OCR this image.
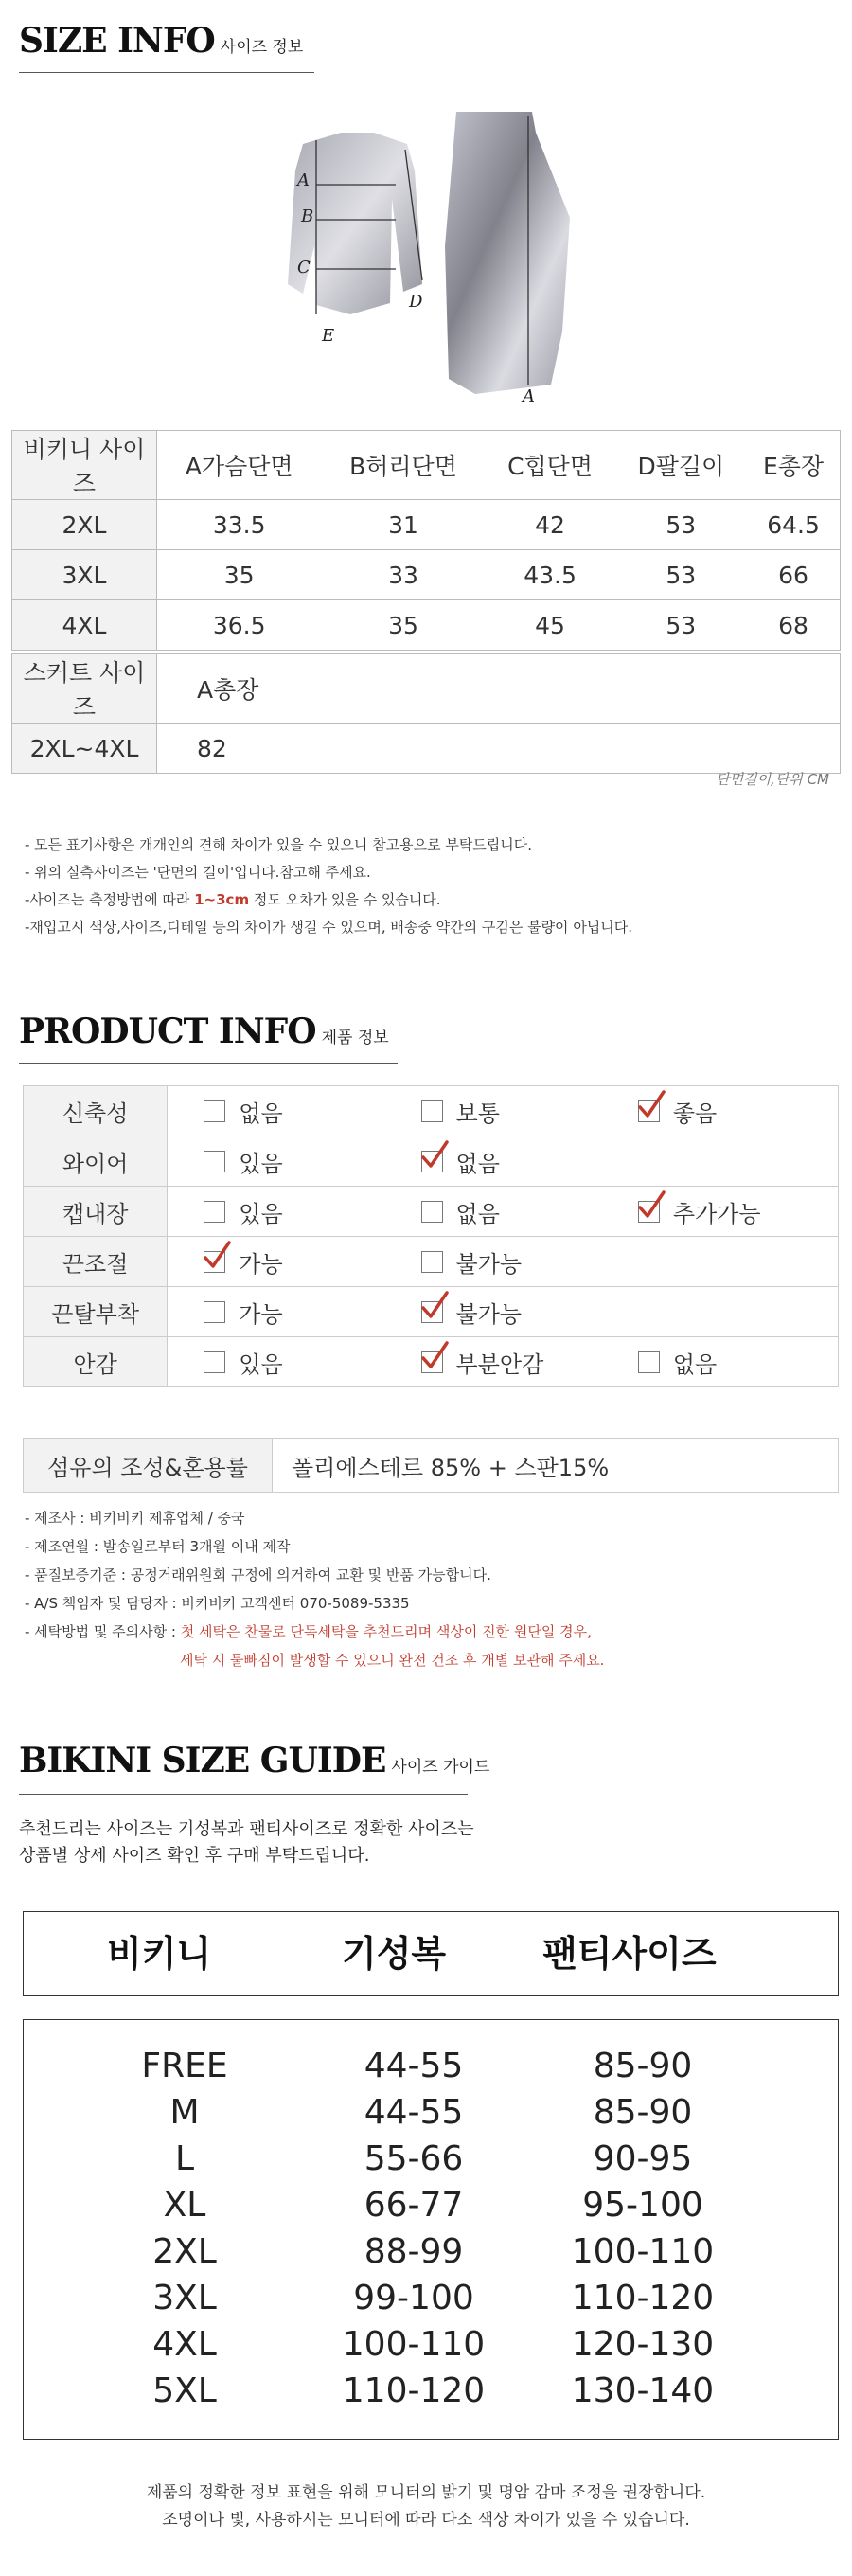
SIZE INFO 사이즈 정보
A
B
C
D
E
A
비키니 사이즈	A가슴단면	B허리단면	C힙단면	D팔길이	E총장
2XL	33.5	31	42	53	64.5
3XL	35	33	43.5	53	66
4XL	36.5	35	45	53	68
스커트 사이즈	A총장
2XL~4XL	82
단면길이,단위 CM
- 모든 표기사항은 개개인의 견해 차이가 있을 수 있으니 참고용으로 부탁드립니다.
- 위의 실측사이즈는 '단면의 길이'입니다.참고해 주세요.
-사이즈는 측정방법에 따라 1~3cm 정도 오차가 있을 수 있습니다.
-재입고시 색상,사이즈,디테일 등의 차이가 생길 수 있으며, 배송중 약간의 구김은 불량이 아닙니다.
PRODUCT INFO 제품 정보
신축성	없음	보통	좋음

와이어	있음	없음	

캡내장	있음	없음	추가가능

끈조절	가능	불가능	

끈탈부착	가능	불가능	

안감	있음	부분안감	없음
섬유의 조성&혼용률	폴리에스테르 85% + 스판15%
- 제조사 : 비키비키 제휴업체 / 중국
- 제조연월 : 발송일로부터 3개월 이내 제작
- 품질보증기준 : 공정거래위원회 규정에 의거하여 교환 및 반품 가능합니다.
- A/S 책임자 및 담당자 : 비키비키 고객센터 070-5089-5335
- 세탁방법 및 주의사항 : 첫 세탁은 찬물로 단독세탁을 추천드리며 색상이 진한 원단일 경우,
세탁 시 물빠짐이 발생할 수 있으니 완전 건조 후 개별 보관해 주세요.
BIKINI SIZE GUIDE 사이즈 가이드
추천드리는 사이즈는 기성복과 팬티사이즈로 정확한 사이즈는
상품별 상세 사이즈 확인 후 구매 부탁드립니다.
비키니	기성복	팬티사이즈
FREE	44-55	85-90
M	44-55	85-90
L	55-66	90-95
XL	66-77	95-100
2XL	88-99	100-110
3XL	99-100	110-120
4XL	100-110	120-130
5XL	110-120	130-140
제품의 정확한 정보 표현을 위해 모니터의 밝기 및 명암 감마 조정을 권장합니다.
조명이나 빛, 사용하시는 모니터에 따라 다소 색상 차이가 있을 수 있습니다.
